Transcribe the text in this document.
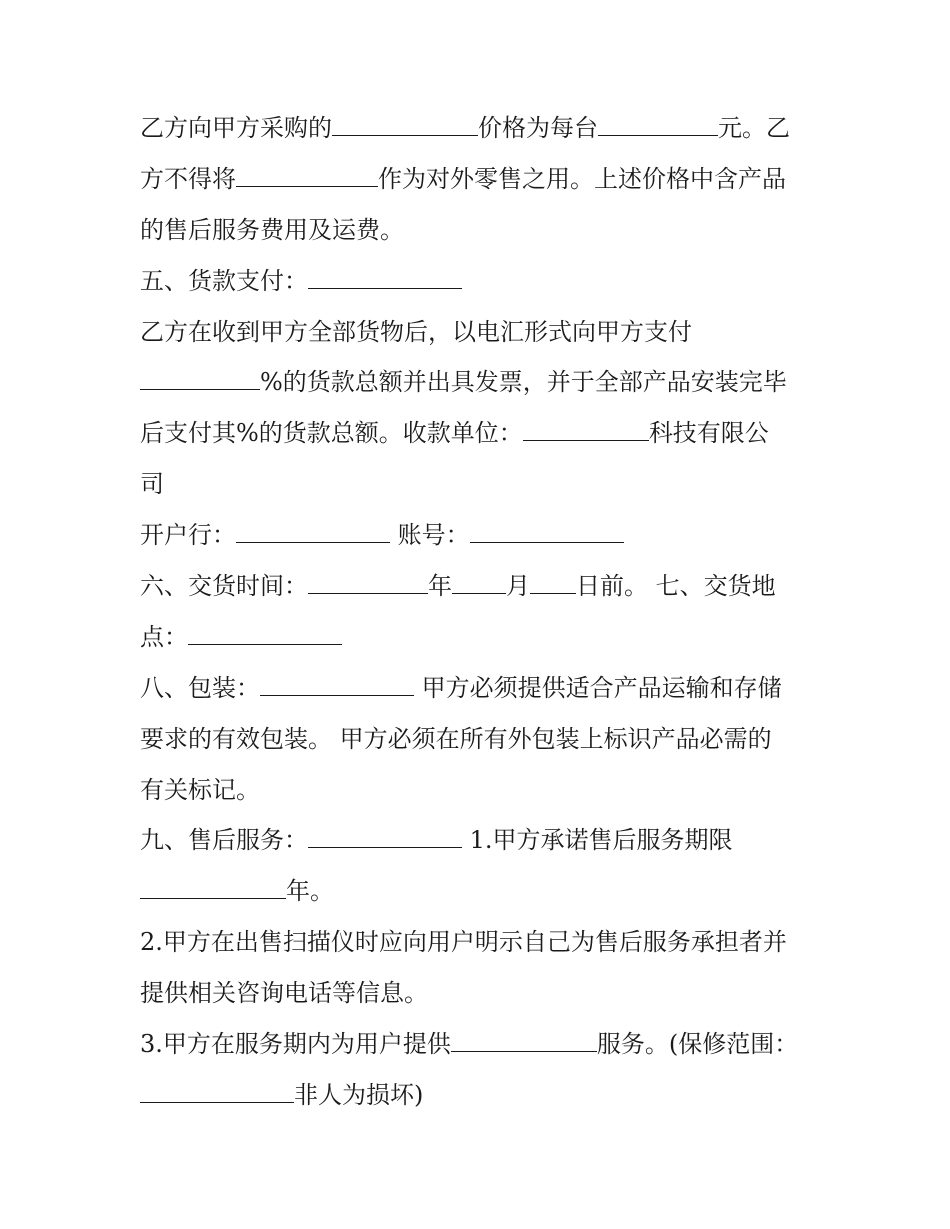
乙方向甲方采购的	价格为每台	元。乙
方不得将	作为对外零售之用。上述价格中含产品
的售后服务费用及运费。
五、货款支付：
乙方在收到甲方全部货物后，以电汇形式向甲方支付
%的货款总额并出具发票，并于全部产品安装完毕
后支付其%的货款总额。收款单位：	科技有限公
司
开户行：	账号：
六、交货时间：	年 月 日前。 七、交货地
点：
八、包装：	甲方必须提供适合产品运输和存储
要求的有效包装。 甲方必须在所有外包装上标识产品必需的
有关标记。
九、售后服务：	1.甲方承诺售后服务期限
年。
2.甲方在出售扫描仪时应向用户明示自己为售后服务承担者并
提供相关咨询电话等信息。
3.甲方在服务期内为用户提供	服务。(保修范围：
非人为损坏)
